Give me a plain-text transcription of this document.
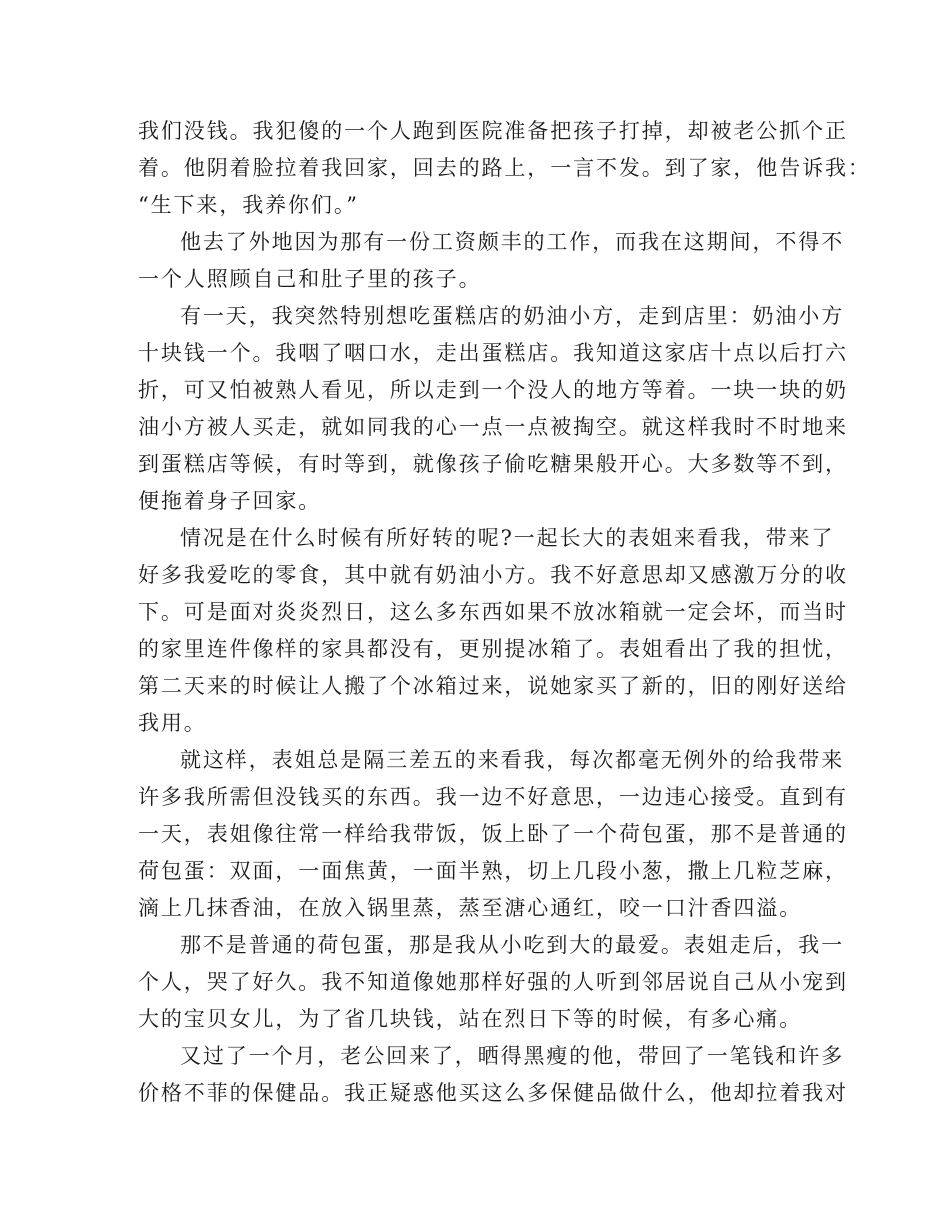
我们没钱。我犯傻的一个人跑到医院准备把孩子打掉，却被老公抓个正
着。他阴着脸拉着我回家，回去的路上，一言不发。到了家，他告诉我：
“生下来，我养你们。”

他去了外地因为那有一份工资颇丰的工作，而我在这期间，不得不
一个人照顾自己和肚子里的孩子。

有一天，我突然特别想吃蛋糕店的奶油小方，走到店里：奶油小方
十块钱一个。我咽了咽口水，走出蛋糕店。我知道这家店十点以后打六
折，可又怕被熟人看见，所以走到一个没人的地方等着。一块一块的奶
油小方被人买走，就如同我的心一点一点被掏空。就这样我时不时地来
到蛋糕店等候，有时等到，就像孩子偷吃糖果般开心。大多数等不到，
便拖着身子回家。

情况是在什么时候有所好转的呢?一起长大的表姐来看我，带来了
好多我爱吃的零食，其中就有奶油小方。我不好意思却又感激万分的收
下。可是面对炎炎烈日，这么多东西如果不放冰箱就一定会坏，而当时
的家里连件像样的家具都没有，更别提冰箱了。表姐看出了我的担忧，
第二天来的时候让人搬了个冰箱过来，说她家买了新的，旧的刚好送给
我用。

就这样，表姐总是隔三差五的来看我，每次都毫无例外的给我带来
许多我所需但没钱买的东西。我一边不好意思，一边违心接受。直到有
一天，表姐像往常一样给我带饭，饭上卧了一个荷包蛋，那不是普通的
荷包蛋：双面，一面焦黄，一面半熟，切上几段小葱，撒上几粒芝麻，
滴上几抹香油，在放入锅里蒸，蒸至溏心通红，咬一口汁香四溢。

那不是普通的荷包蛋，那是我从小吃到大的最爱。表姐走后，我一
个人，哭了好久。我不知道像她那样好强的人听到邻居说自己从小宠到
大的宝贝女儿，为了省几块钱，站在烈日下等的时候，有多心痛。

又过了一个月，老公回来了，晒得黑瘦的他，带回了一笔钱和许多
价格不菲的保健品。我正疑惑他买这么多保健品做什么，他却拉着我对
